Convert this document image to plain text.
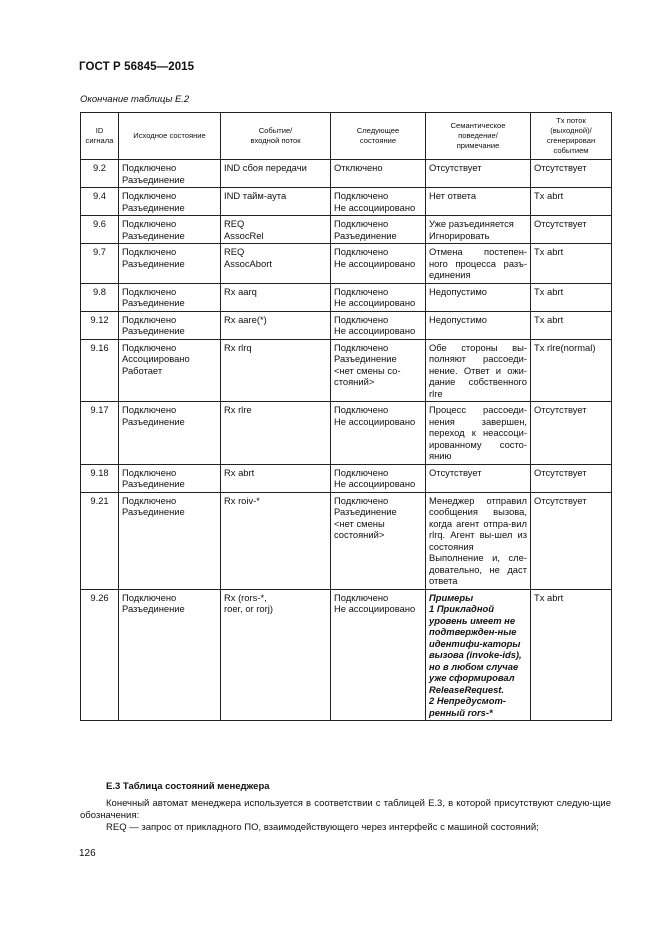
ГОСТ Р 56845—2015
Окончание таблицы Е.2
ID
сигнала	Исходное состояние	Событие/
входной поток	Следующее
состояние	Семантическое
поведение/
примечание	Tx поток
(выходной)/
сгенерирован
событием
9.2	Подключено
Разъединение	IND сбоя передачи	Отключено	Отсутствует	Отсутствует
9.4	Подключено
Разъединение	IND тайм-аута	Подключено
Не ассоциировано	Нет ответа	Tx abrt
9.6	Подключено
Разъединение	REQ
AssocRel	Подключено
Разъединение	Уже разъединяется
Игнорировать	Отсутствует
9.7	Подключено
Разъединение	REQ
AssocAbort	Подключено
Не ассоциировано	Отмена постепен-ного процесса разъ-единения	Tx abrt
9.8	Подключено
Разъединение	Rx aarq	Подключено
Не ассоциировано	Недопустимо	Tx abrt
9.12	Подключено
Разъединение	Rx aare(*)	Подключено
Не ассоциировано	Недопустимо	Tx abrt
9.16	Подключено
Ассоциировано
Работает	Rx rlrq	Подключено
Разъединение
<нет смены со-стояний>	Обе стороны вы-полняют рассоеди-нение. Ответ и ожи-дание собственного rlre	Tx rlre(normal)
9.17	Подключено
Разъединение	Rx rlre	Подключено
Не ассоциировано	Процесс рассоеди-нения завершен, переход к неассоци-ированному состо-янию	Отсутствует
9.18	Подключено
Разъединение	Rx abrt	Подключено
Не ассоциировано	Отсутствует	Отсутствует
9.21	Подключено
Разъединение	Rx roiv-*	Подключено
Разъединение
<нет смены
состояний>	Менеджер отправил сообщения вызова, когда агент отпра-вил rlrq. Агент вы-шел из состояния Выполнение и, сле-довательно, не даст ответа	Отсутствует
9.26	Подключено
Разъединение	Rx (rors-*,
roer, or rorj)	Подключено
Не ассоциировано	Примеры
1 Прикладной уровень имеет не подтвержден-ные идентифи-каторы вызова (invoke-ids), но в любом случае уже сформировал ReleaseRequest.
2 Непредусмот-ренный rors-*	Tx abrt
Е.3 Таблица состояний менеджера
Конечный автомат менеджера используется в соответствии с таблицей Е.3, в которой присутствуют следую-щие обозначения:
REQ — запрос от прикладного ПО, взаимодействующего через интерфейс с машиной состояний;
126
